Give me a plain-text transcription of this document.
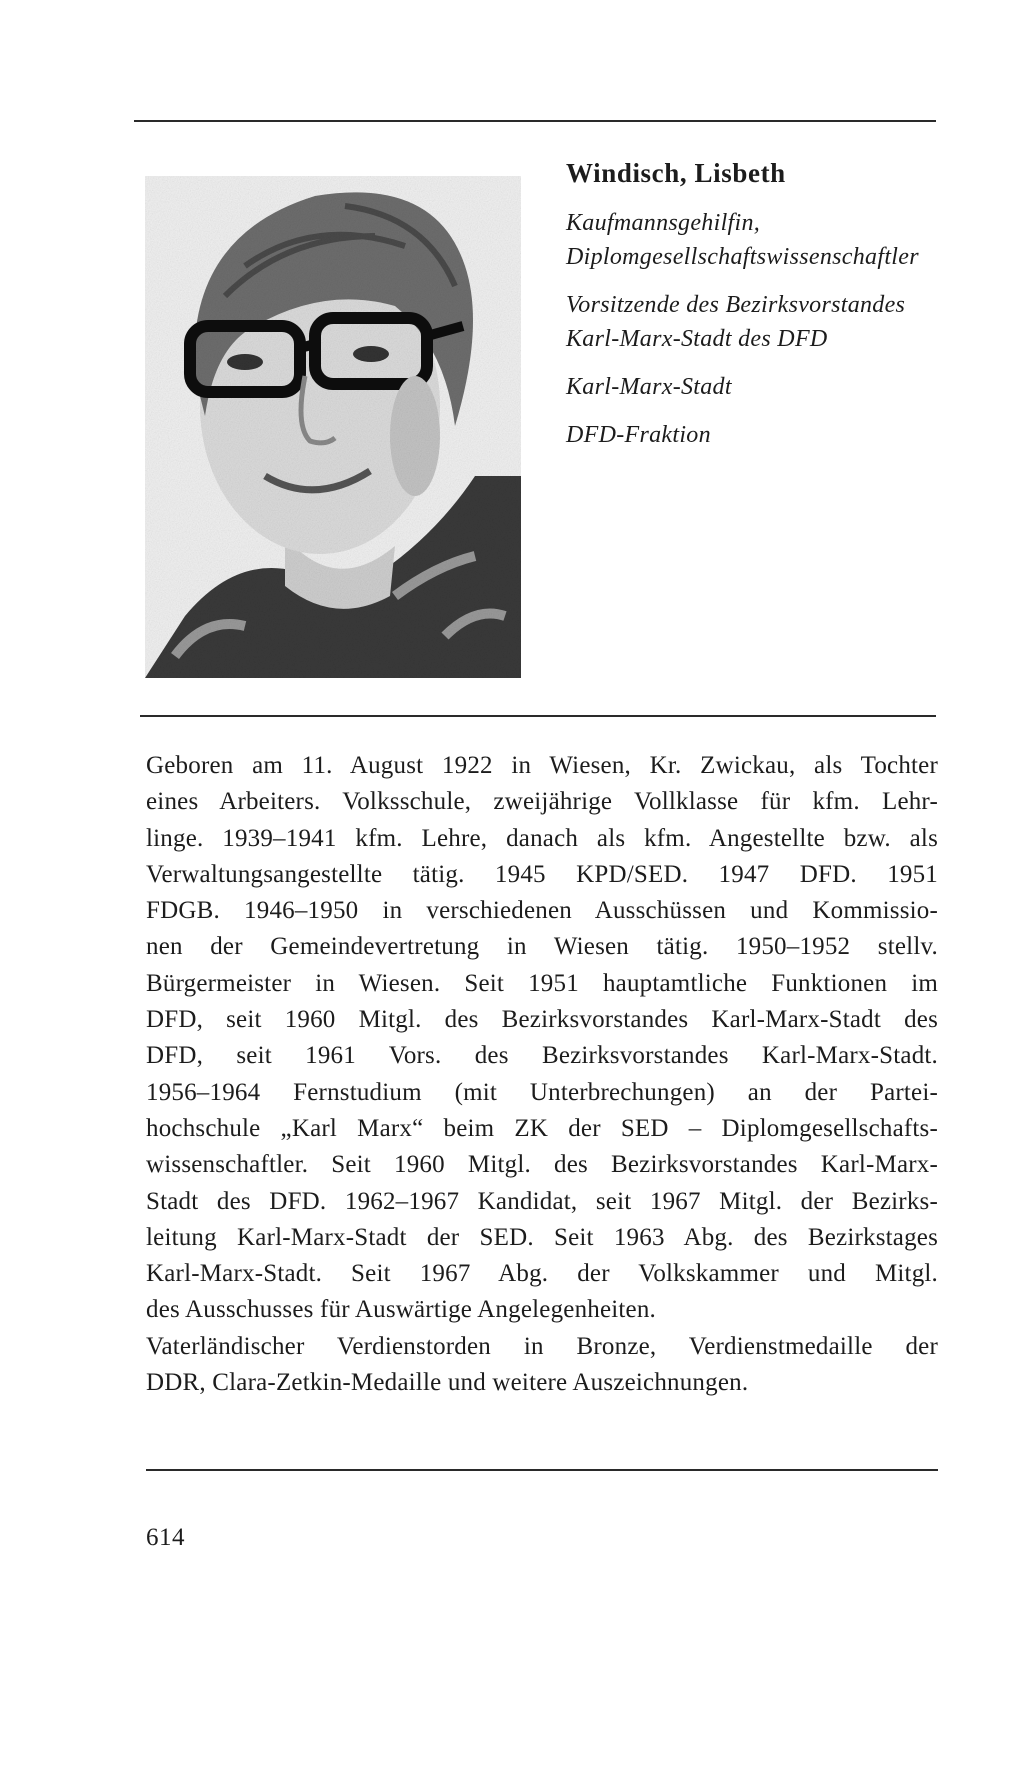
Windisch, Lisbeth
Kaufmannsgehilfin,
Diplomgesellschaftswissenschaftler
Vorsitzende des Bezirksvorstandes
Karl-Marx-Stadt des DFD
Karl-Marx-Stadt
DFD-Fraktion
Geboren am 11. August 1922 in Wiesen, Kr. Zwickau, als Tochter
eines Arbeiters. Volksschule, zweijährige Vollklasse für kfm. Lehr-
linge. 1939–1941 kfm. Lehre, danach als kfm. Angestellte bzw. als
Verwaltungsangestellte tätig. 1945 KPD/SED. 1947 DFD. 1951
FDGB. 1946–1950 in verschiedenen Ausschüssen und Kommissio-
nen der Gemeindevertretung in Wiesen tätig. 1950–1952 stellv.
Bürgermeister in Wiesen. Seit 1951 hauptamtliche Funktionen im
DFD, seit 1960 Mitgl. des Bezirksvorstandes Karl-Marx-Stadt des
DFD, seit 1961 Vors. des Bezirksvorstandes Karl-Marx-Stadt.
1956–1964 Fernstudium (mit Unterbrechungen) an der Partei-
hochschule „Karl Marx“ beim ZK der SED – Diplomgesellschafts-
wissenschaftler. Seit 1960 Mitgl. des Bezirksvorstandes Karl-Marx-
Stadt des DFD. 1962–1967 Kandidat, seit 1967 Mitgl. der Bezirks-
leitung Karl-Marx-Stadt der SED. Seit 1963 Abg. des Bezirkstages
Karl-Marx-Stadt. Seit 1967 Abg. der Volkskammer und Mitgl.
des Ausschusses für Auswärtige Angelegenheiten.
Vaterländischer Verdienstorden in Bronze, Verdienstmedaille der
DDR, Clara-Zetkin-Medaille und weitere Auszeichnungen.
614
